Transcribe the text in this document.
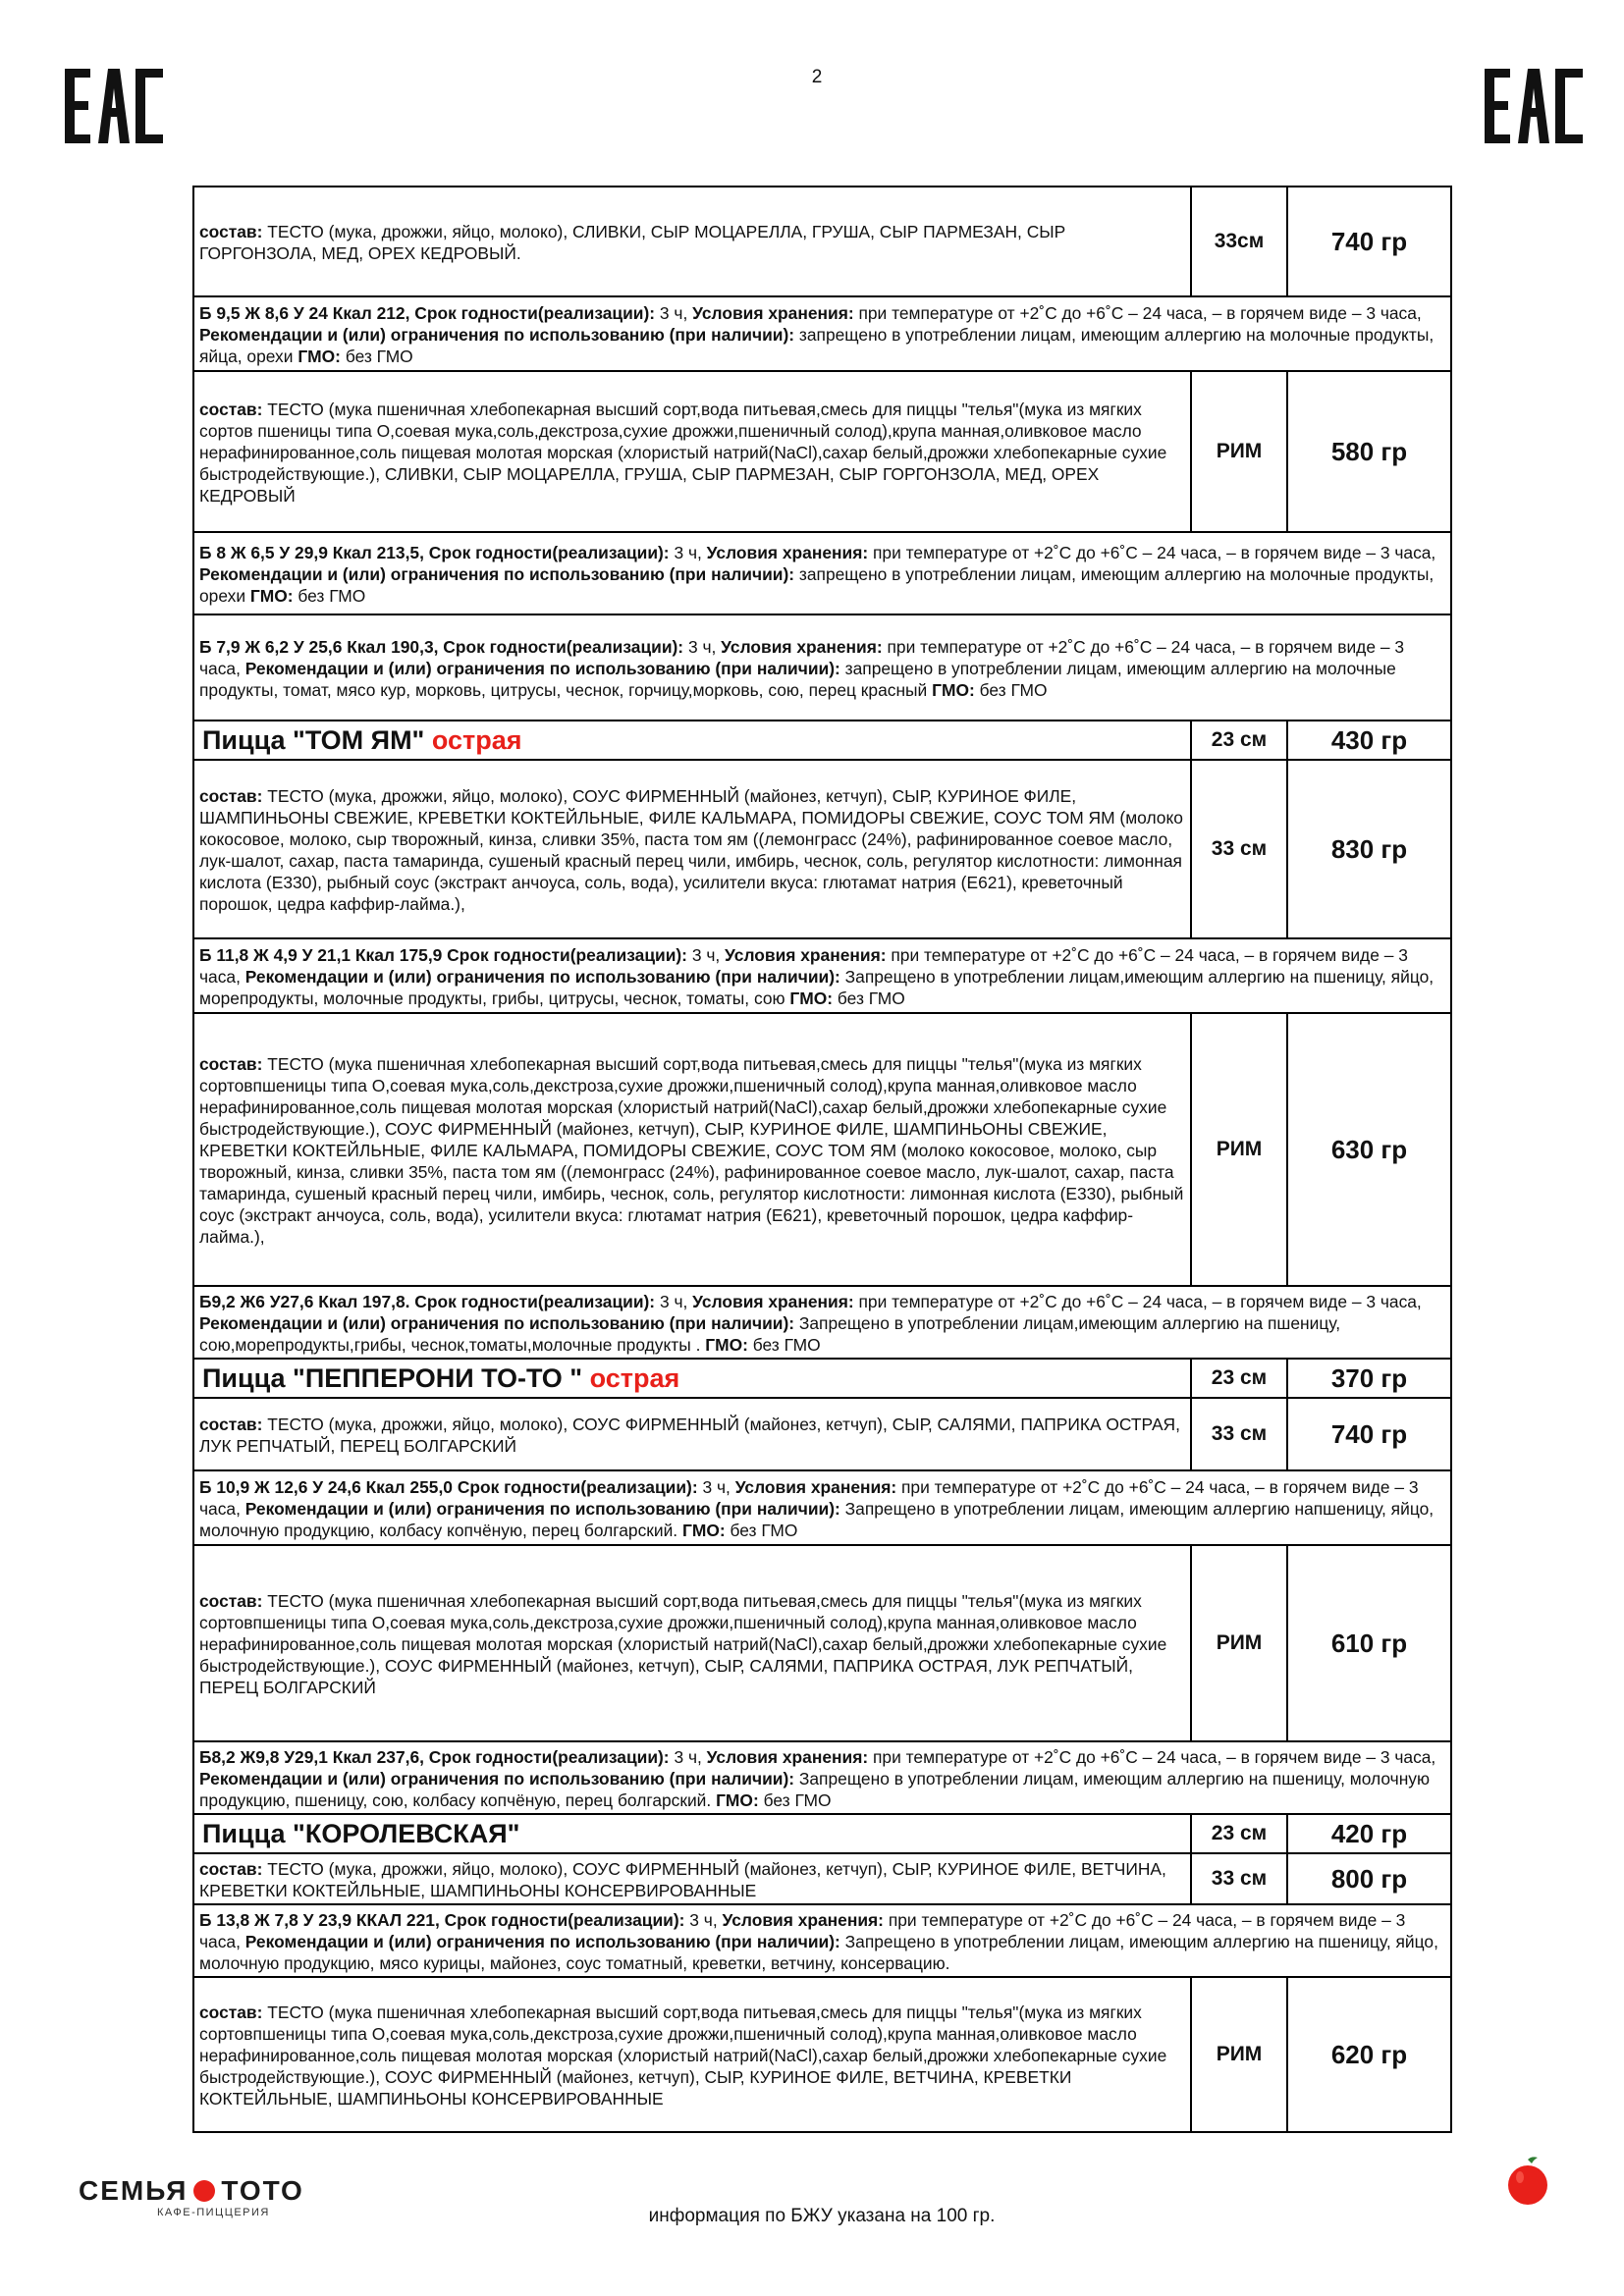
2
состав: ТЕСТО (мука, дрожжи, яйцо, молоко), СЛИВКИ, СЫР МОЦАРЕЛЛА, ГРУША, СЫР ПАРМЕЗАН, СЫР ГОРГОНЗОЛА, МЕД, ОРЕХ КЕДРОВЫЙ.	33см	740 гр
Б 9,5 Ж 8,6 У 24 Ккал 212, Срок годности(реализации): 3 ч, Условия хранения: при температуре от +2˚С до +6˚С – 24 часа, – в горячем виде – 3 часа, Рекомендации и (или) ограничения по использованию (при наличии): запрещено в употреблении лицам, имеющим аллергию на молочные продукты, яйца, орехи ГМО: без ГМО		
состав: ТЕСТО (мука пшеничная хлебопекарная высший сорт,вода питьевая,смесь для пиццы "телья"(мука из мягких сортов пшеницы типа О,соевая мука,соль,декстроза,сухие дрожжи,пшеничный солод),крупа манная,оливковое масло нерафинированное,соль пищевая молотая морская (хлористый натрий(NaCl),сахар белый,дрожжи хлебопекарные сухие быстродействующие.), СЛИВКИ, СЫР МОЦАРЕЛЛА, ГРУША, СЫР ПАРМЕЗАН, СЫР ГОРГОНЗОЛА, МЕД, ОРЕХ КЕДРОВЫЙ	РИМ	580 гр
Б 8 Ж 6,5 У 29,9 Ккал 213,5, Срок годности(реализации): 3 ч, Условия хранения: при температуре от +2˚С до +6˚С – 24 часа, – в горячем виде – 3 часа, Рекомендации и (или) ограничения по использованию (при наличии): запрещено в употреблении лицам, имеющим аллергию на молочные продукты, орехи ГМО: без ГМО		
Б 7,9 Ж 6,2 У 25,6 Ккал 190,3, Срок годности(реализации): 3 ч, Условия хранения: при температуре от +2˚С до +6˚С – 24 часа, – в горячем виде – 3 часа, Рекомендации и (или) ограничения по использованию (при наличии): запрещено в употреблении лицам, имеющим аллергию на молочные продукты, томат, мясо кур, морковь, цитрусы, чеснок, горчицу,морковь, сою, перец красный ГМО: без ГМО		
Пицца "ТОМ ЯМ" острая	23 см	430 гр
состав: ТЕСТО (мука, дрожжи, яйцо, молоко), СОУС ФИРМЕННЫЙ (майонез, кетчуп), СЫР, КУРИНОЕ ФИЛЕ, ШАМПИНЬОНЫ СВЕЖИЕ, КРЕВЕТКИ КОКТЕЙЛЬНЫЕ, ФИЛЕ КАЛЬМАРА, ПОМИДОРЫ СВЕЖИЕ, СОУС ТОМ ЯМ (молоко кокосовое, молоко, сыр творожный, кинза, сливки 35%, паста том ям ((лемонграсс (24%), рафинированное соевое масло, лук-шалот, сахар, паста тамаринда, сушеный красный перец чили, имбирь, чеснок, соль, регулятор кислотности: лимонная кислота (Е330), рыбный соус (экстракт анчоуса, соль, вода), усилители вкуса: глютамат натрия (Е621), креветочный порошок, цедра каффир-лайма.),	33 см	830 гр
Б 11,8 Ж 4,9 У 21,1 Ккал 175,9 Срок годности(реализации): 3 ч, Условия хранения: при температуре от +2˚С до +6˚С – 24 часа, – в горячем виде – 3 часа, Рекомендации и (или) ограничения по использованию (при наличии): Запрещено в употреблении лицам,имеющим аллергию на пшеницу, яйцо, морепродукты, молочные продукты, грибы, цитрусы, чеснок, томаты, сою ГМО: без ГМО		
состав: ТЕСТО (мука пшеничная хлебопекарная высший сорт,вода питьевая,смесь для пиццы "телья"(мука из мягких сортовпшеницы типа О,соевая мука,соль,декстроза,сухие дрожжи,пшеничный солод),крупа манная,оливковое масло нерафинированное,соль пищевая молотая морская (хлористый натрий(NaCl),сахар белый,дрожжи хлебопекарные сухие быстродействующие.), СОУС ФИРМЕННЫЙ (майонез, кетчуп), СЫР, КУРИНОЕ ФИЛЕ, ШАМПИНЬОНЫ СВЕЖИЕ, КРЕВЕТКИ КОКТЕЙЛЬНЫЕ, ФИЛЕ КАЛЬМАРА, ПОМИДОРЫ СВЕЖИЕ, СОУС ТОМ ЯМ (молоко кокосовое, молоко, сыр творожный, кинза, сливки 35%, паста том ям ((лемонграсс (24%), рафинированное соевое масло, лук-шалот, сахар, паста тамаринда, сушеный красный перец чили, имбирь, чеснок, соль, регулятор кислотности: лимонная кислота (Е330), рыбный соус (экстракт анчоуса, соль, вода), усилители вкуса: глютамат натрия (Е621), креветочный порошок, цедра каффир-лайма.),	РИМ	630 гр
Б9,2 Ж6 У27,6 Ккал 197,8. Срок годности(реализации): 3 ч, Условия хранения: при температуре от +2˚С до +6˚С – 24 часа, – в горячем виде – 3 часа, Рекомендации и (или) ограничения по использованию (при наличии): Запрещено в употреблении лицам,имеющим аллергию на пшеницу, сою,морепродукты,грибы, чеснок,томаты,молочные продукты . ГМО: без ГМО		
Пицца "ПЕППЕРОНИ ТО-ТО " острая	23 см	370 гр
состав: ТЕСТО (мука, дрожжи, яйцо, молоко), СОУС ФИРМЕННЫЙ (майонез, кетчуп), СЫР, САЛЯМИ, ПАПРИКА ОСТРАЯ, ЛУК РЕПЧАТЫЙ, ПЕРЕЦ БОЛГАРСКИЙ	33 см	740 гр
Б 10,9 Ж 12,6 У 24,6 Ккал 255,0 Срок годности(реализации): 3 ч, Условия хранения: при температуре от +2˚С до +6˚С – 24 часа, – в горячем виде – 3 часа, Рекомендации и (или) ограничения по использованию (при наличии): Запрещено в употреблении лицам, имеющим аллергию напшеницу, яйцо, молочную продукцию, колбасу копчёную, перец болгарский. ГМО: без ГМО		
состав: ТЕСТО (мука пшеничная хлебопекарная высший сорт,вода питьевая,смесь для пиццы "телья"(мука из мягких сортовпшеницы типа О,соевая мука,соль,декстроза,сухие дрожжи,пшеничный солод),крупа манная,оливковое масло нерафинированное,соль пищевая молотая морская (хлористый натрий(NaCl),сахар белый,дрожжи хлебопекарные сухие быстродействующие.), СОУС ФИРМЕННЫЙ (майонез, кетчуп), СЫР, САЛЯМИ, ПАПРИКА ОСТРАЯ, ЛУК РЕПЧАТЫЙ, ПЕРЕЦ БОЛГАРСКИЙ	РИМ	610 гр
Б8,2 Ж9,8 У29,1 Ккал 237,6, Срок годности(реализации): 3 ч, Условия хранения: при температуре от +2˚С до +6˚С – 24 часа, – в горячем виде – 3 часа, Рекомендации и (или) ограничения по использованию (при наличии): Запрещено в употреблении лицам, имеющим аллергию на пшеницу, молочную продукцию, пшеницу, сою, колбасу копчёную, перец болгарский. ГМО: без ГМО		
Пицца "КОРОЛЕВСКАЯ"	23 см	420 гр
состав: ТЕСТО (мука, дрожжи, яйцо, молоко), СОУС ФИРМЕННЫЙ (майонез, кетчуп), СЫР, КУРИНОЕ ФИЛЕ, ВЕТЧИНА, КРЕВЕТКИ КОКТЕЙЛЬНЫЕ, ШАМПИНЬОНЫ КОНСЕРВИРОВАННЫЕ	33 см	800 гр
Б 13,8 Ж 7,8 У 23,9 ККАЛ 221, Срок годности(реализации): 3 ч, Условия хранения: при температуре от +2˚С до +6˚С – 24 часа, – в горячем виде – 3 часа, Рекомендации и (или) ограничения по использованию (при наличии): Запрещено в употреблении лицам, имеющим аллергию на пшеницу, яйцо, молочную продукцию, мясо курицы, майонез, соус томатный, креветки, ветчину, консервацию.		
состав: ТЕСТО (мука пшеничная хлебопекарная высший сорт,вода питьевая,смесь для пиццы "телья"(мука из мягких сортовпшеницы типа О,соевая мука,соль,декстроза,сухие дрожжи,пшеничный солод),крупа манная,оливковое масло нерафинированное,соль пищевая молотая морская (хлористый натрий(NaCl),сахар белый,дрожжи хлебопекарные сухие быстродействующие.), СОУС ФИРМЕННЫЙ (майонез, кетчуп), СЫР, КУРИНОЕ ФИЛЕ, ВЕТЧИНА, КРЕВЕТКИ КОКТЕЙЛЬНЫЕ, ШАМПИНЬОНЫ КОНСЕРВИРОВАННЫЕ	РИМ	620 гр
СЕМЬЯ ТОТО
КАФЕ-ПИЦЦЕРИЯ	информация по БЖУ указана на 100 гр.
